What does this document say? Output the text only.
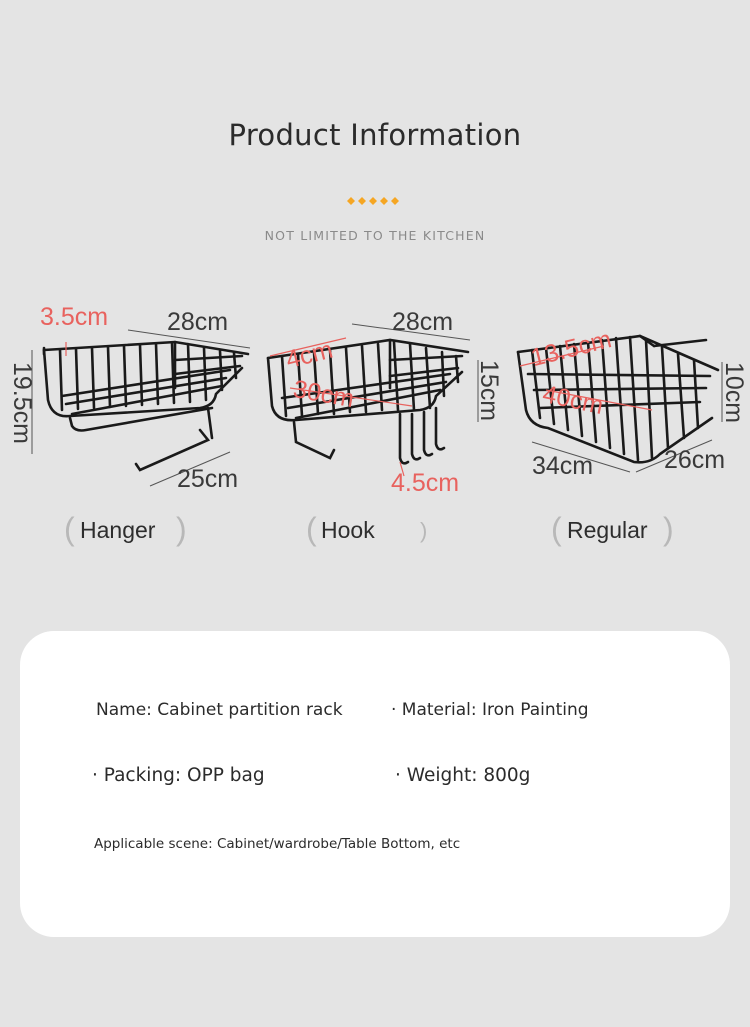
Product Information
NOT LIMITED TO THE KITCHEN
3.5cm 28cm
19.5cm
25cm
4cm
28cm
30cm	15cm
4.5cm
13.5cm
40cm	10cm
34cm	26cm
( Hanger )	( Hook )	( Regular )
Name: Cabinet partition rack	· Material: Iron Painting
· Packing: OPP bag	· Weight: 800g
Applicable scene: Cabinet/wardrobe/Table Bottom, etc
